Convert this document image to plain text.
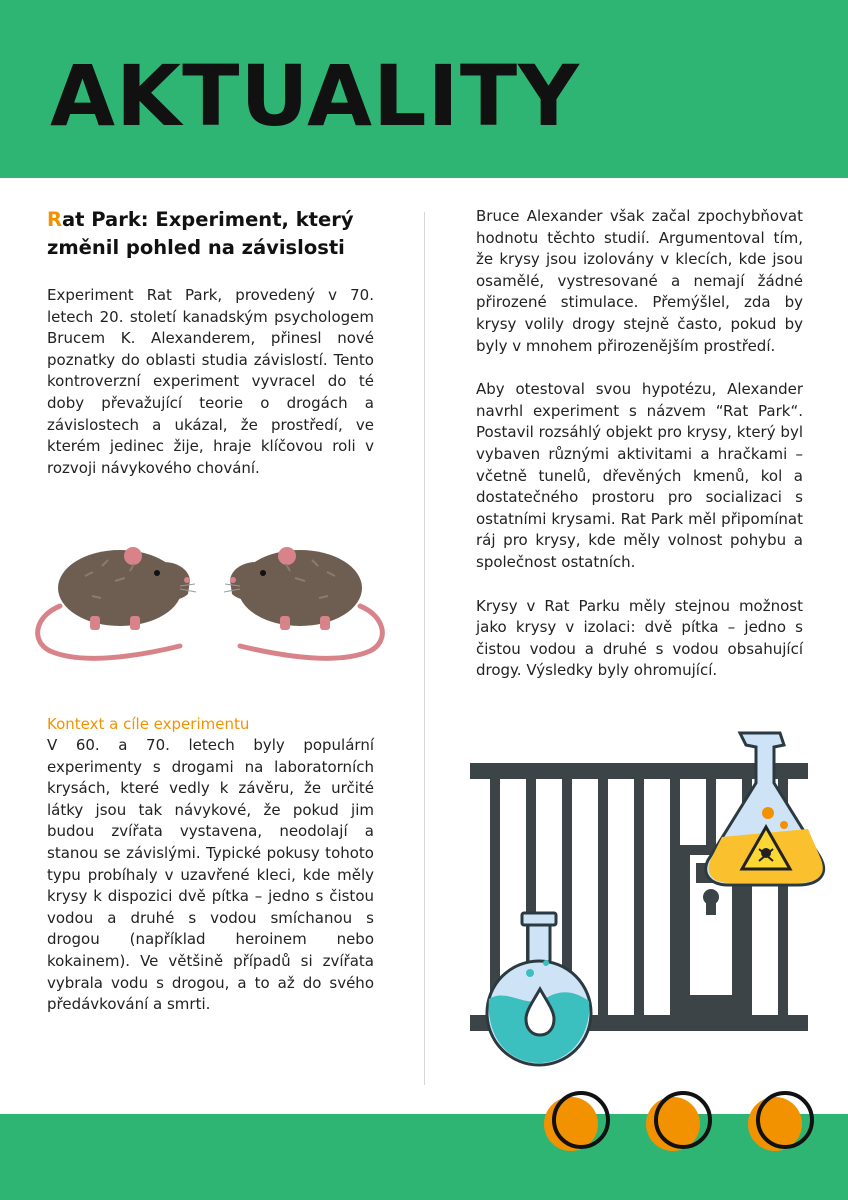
AKTUALITY
Rat Park: Experiment, který změnil pohled na závislosti

Experiment Rat Park, provedený v 70. letech 20. století kanadským psychologem Brucem K. Alexanderem, přinesl nové poznatky do oblasti studia závislostí. Tento kontroverzní experiment vyvracel do té doby převažující teorie o drogách a závislostech a ukázal, že prostředí, ve kterém jedinec žije, hraje klíčovou roli v rozvoji návykového chování.

Kontext a cíle experimentu

V 60. a 70. letech byly populární experimenty s drogami na laboratorních krysách, které vedly k závěru, že určité látky jsou tak návykové, že pokud jim budou zvířata vystavena, neodolají a stanou se závislými. Typické pokusy tohoto typu probíhaly v uzavřené kleci, kde měly krysy k dispozici dvě pítka – jedno s čistou vodou a druhé s vodou smíchanou s drogou (například heroinem nebo kokainem). Ve většině případů si zvířata vybrala vodu s drogou, a to až do svého předávkování a smrti.

Bruce Alexander však začal zpochybňovat hodnotu těchto studií. Argumentoval tím, že krysy jsou izolovány v klecích, kde jsou osamělé, vystresované a nemají žádné přirozené stimulace. Přemýšlel, zda by krysy volily drogy stejně často, pokud by byly v mnohem přirozenějším prostředí.

Aby otestoval svou hypotézu, Alexander navrhl experiment s názvem “Rat Park“. Postavil rozsáhlý objekt pro krysy, který byl vybaven různými aktivitami a hračkami – včetně tunelů, dřevěných kmenů, kol a dostatečného prostoru pro socializaci s ostatními krysami. Rat Park měl připomínat ráj pro krysy, kde měly volnost pohybu a společnost ostatních.

Krysy v Rat Parku měly stejnou možnost jako krysy v izolaci: dvě pítka – jedno s čistou vodou a druhé s vodou obsahující drogy. Výsledky byly ohromující.
